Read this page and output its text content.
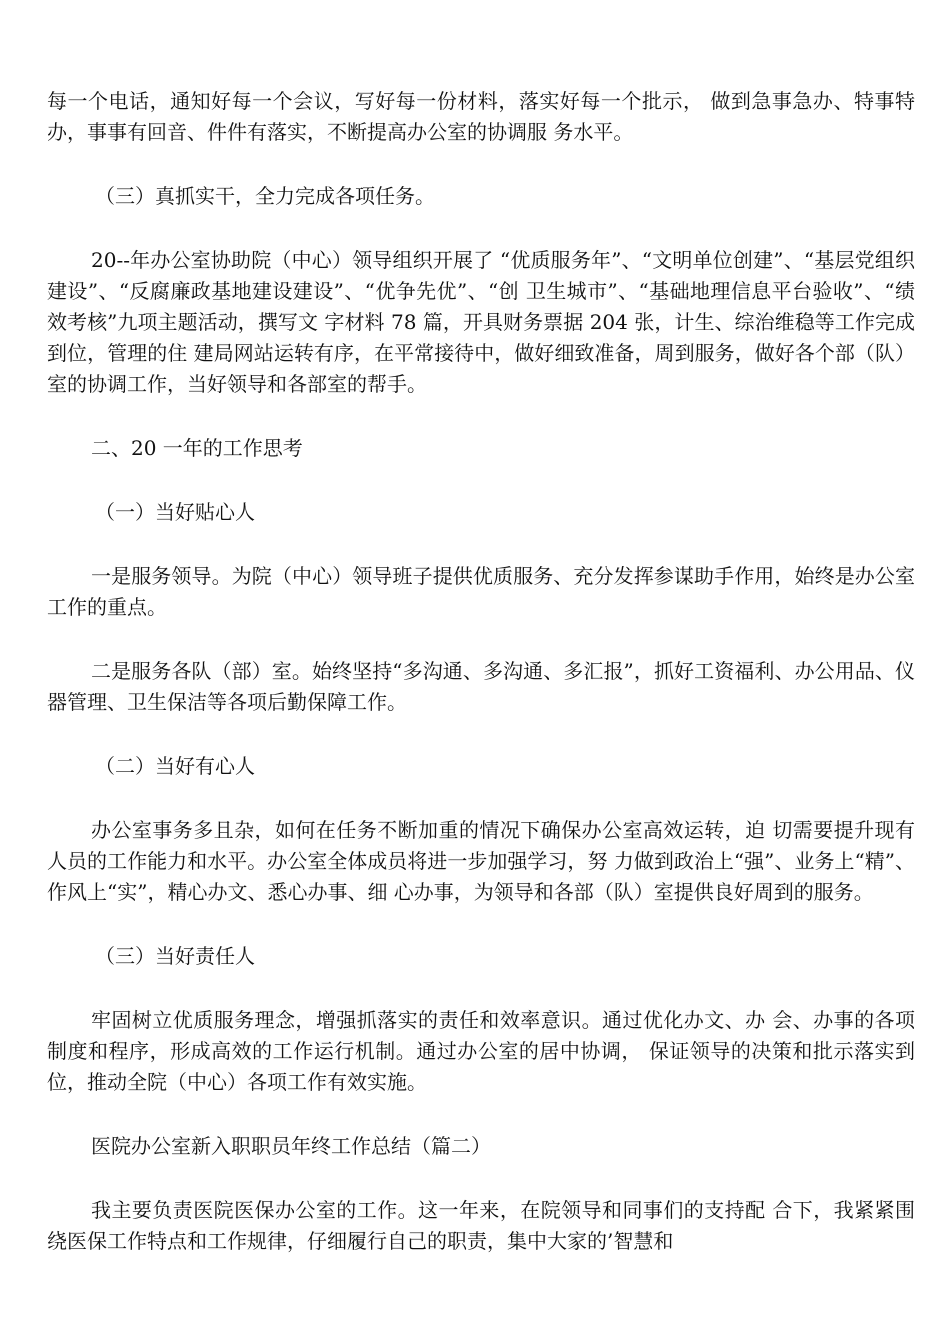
每一个电话，通知好每一个会议，写好每一份材料，落实好每一个批示， 做到急事急办、特事特办，事事有回音、件件有落实，不断提高办公室的协调服 务水平。

（三）真抓实干，全力完成各项任务。

20--年办公室协助院（中心）领导组织开展了 “优质服务年”、“文明单位创建”、“基层党组织建设”、“反腐廉政基地建设建设”、“优争先优”、“创 卫生城市”、“基础地理信息平台验收”、“绩效考核”九项主题活动，撰写文 字材料 78 篇，开具财务票据 204 张，计生、综治维稳等工作完成到位，管理的住 建局网站运转有序，在平常接待中，做好细致准备，周到服务，做好各个部（队） 室的协调工作，当好领导和各部室的帮手。

二、20 一年的工作思考

（一）当好贴心人

一是服务领导。为院（中心）领导班子提供优质服务、充分发挥参谋助手作用，始终是办公室工作的重点。

二是服务各队（部）室。始终坚持“多沟通、多沟通、多汇报”，抓好工资福利、办公用品、仪器管理、卫生保洁等各项后勤保障工作。

（二）当好有心人

办公室事务多且杂，如何在任务不断加重的情况下确保办公室高效运转，迫 切需要提升现有人员的工作能力和水平。办公室全体成员将进一步加强学习，努 力做到政治上“强”、业务上“精”、作风上“实”，精心办文、悉心办事、细 心办事，为领导和各部（队）室提供良好周到的服务。

（三）当好责任人

牢固树立优质服务理念，增强抓落实的责任和效率意识。通过优化办文、办 会、办事的各项制度和程序，形成高效的工作运行机制。通过办公室的居中协调， 保证领导的决策和批示落实到位，推动全院（中心）各项工作有效实施。

医院办公室新入职职员年终工作总结（篇二）

我主要负责医院医保办公室的工作。这一年来，在院领导和同事们的支持配 合下，我紧紧围绕医保工作特点和工作规律，仔细履行自己的职责，集中大家的’智慧和
